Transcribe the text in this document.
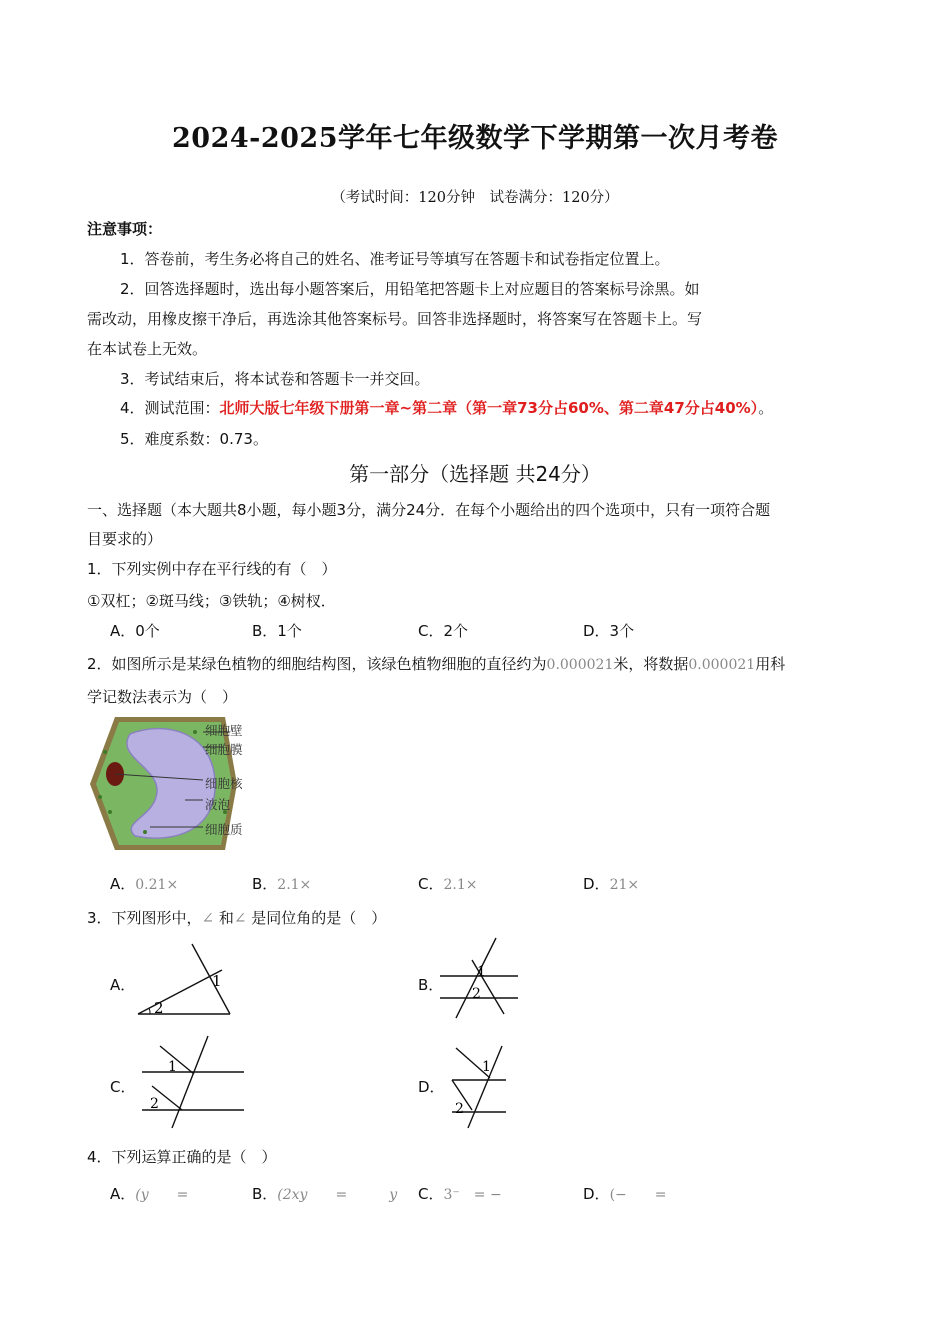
2024-2025学年七年级数学下学期第一次月考卷
（考试时间：120分钟　试卷满分：120分）
注意事项：
1．答卷前，考生务必将自己的姓名、准考证号等填写在答题卡和试卷指定位置上。
2．回答选择题时，选出每小题答案后，用铅笔把答题卡上对应题目的答案标号涂黑。如
需改动，用橡皮擦干净后，再选涂其他答案标号。回答非选择题时，将答案写在答题卡上。写
在本试卷上无效。
3．考试结束后，将本试卷和答题卡一并交回。
4．测试范围：北师大版七年级下册第一章~第二章（第一章73分占60%、第二章47分占40%）。
5．难度系数：0.73。
第一部分（选择题 共24分）
一、选择题（本大题共8小题，每小题3分，满分24分．在每个小题给出的四个选项中，只有一项符合题
目要求的）
1．下列实例中存在平行线的有（　）
①双杠；②斑马线；③铁轨；④树杈．
A．0个	B．1个	C．2个	D．3个
2．如图所示是某绿色植物的细胞结构图，该绿色植物细胞的直径约为0.000021米，将数据0.000021用科
学记数法表示为（　）
细胞壁
细胞膜
细胞核
液泡
细胞质
A．0.21×	B．2.1×	C．2.1×	D．21×
3．下列图形中，∠ 和∠ 是同位角的是（　）
A．
2
1	B．
1
2
C．
1
2
D．
1
2
4．下列运算正确的是（　）
A．(y　　=	B．(2xy　　=　　　y C．3⁻　= −	D．(−　　=
